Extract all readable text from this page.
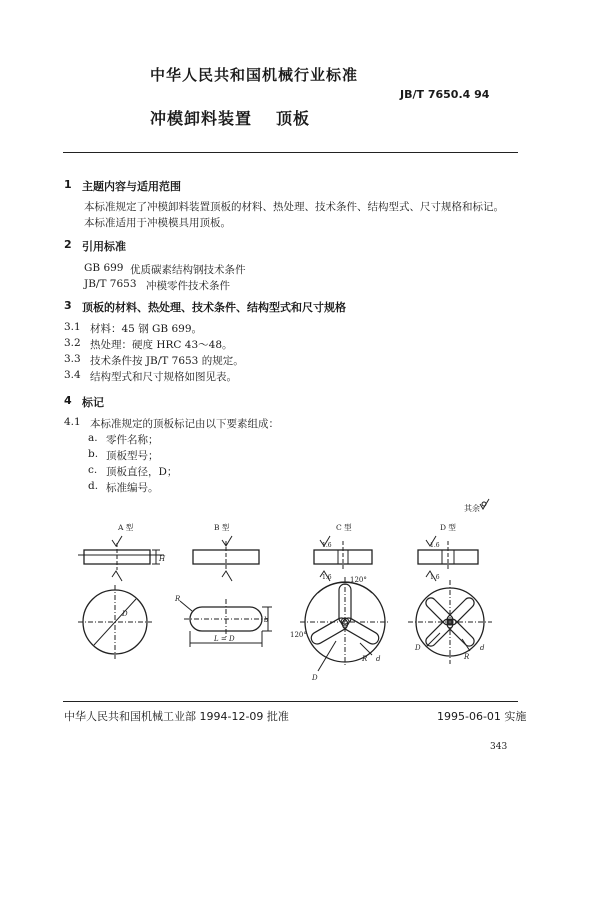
中华人民共和国机械行业标准
JB/T 7650.4 94
冲模卸料装置 顶板
1 主题内容与适用范围
本标准规定了冲模卸料装置顶板的材料、热处理、技术条件、结构型式、尺寸规格和标记。
本标准适用于冲模模具用顶板。
2 引用标准
GB 699 优质碳素结构钢技术条件
JB/T 7653 冲模零件技术条件
3 顶板的材料、热处理、技术条件、结构型式和尺寸规格
3.1 材料：45 钢 GB 699。
3.2 热处理：硬度 HRC 43～48。
3.3 技术条件按 JB/T 7653 的规定。
3.4 结构型式和尺寸规格如图见表。
4 标记
4.1 本标准规定的顶板标记由以下要素组成：
a. 零件名称；
b. 顶板型号；
c. 顶板直径，D；
d. 标准编号。
其余
A 型	B 型	C 型	D 型
H
D
L = D
b
R
1.6
1.6	120°
120°
D
R d
1.6
1.6
D
R
d
中华人民共和国机械工业部 1994-12-09 批准	1995-06-01 实施
343
